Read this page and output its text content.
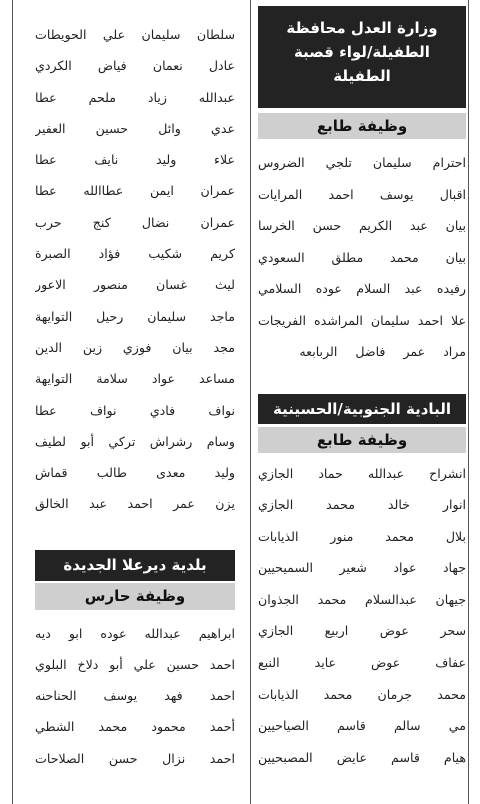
وزارة العدل محافظة الطفيلة/لواء قصبة الطفيلة
وظيفة طابع
احترام سليمان تلجي الضروس
اقبال يوسف احمد المرايات
بيان عبد الكريم حسن الخرسا
بيان محمد مطلق السعودي
رفيده عبد السلام عوده السلامي
علا احمد سليمان المراشده الفريجات
مراد عمر فاضل الربابعه
البادية الجنوبية/الحسينية
وظيفة طابع
انشراح عبدالله حماد الجازي
انوار خالد محمد الجازي
بلال محمد منور الذيابات
جهاد عواد شعير السميحيين
جيهان عبدالسلام محمد الجذوان
سحر عوض اربيع الجازي
عفاف عوض عايد النبع
محمد جرمان محمد الذيابات
مي سالم قاسم الصياحيين
هيام قاسم عايض المصبحيين
سلطان سليمان علي الحويطات
عادل نعمان فياض الكردي
عبدالله زياد ملحم عطا
عدي وائل حسين العفير
علاء وليد نايف عطا
عمران ايمن عطاالله عطا
عمران نضال كنج حرب
كريم شكيب فؤاد الصبرة
ليث غسان منصور الاعور
ماجد سليمان رحيل التوايهة
مجد بيان فوزي زين الدين
مساعد عواد سلامة التوايهة
نواف فادي نواف عطا
وسام رشراش تركي أبو لطيف
وليد معدى طالب قماش
يزن عمر احمد عبد الخالق
بلدية ديرعلا الجديدة
وظيفة حارس
ابراهيم عبدالله عوده ابو ديه
احمد حسين علي أبو دلاخ البلوي
احمد فهد يوسف الحناحنه
أحمد محمود محمد الشطي
احمد نزال حسن الصلاحات
